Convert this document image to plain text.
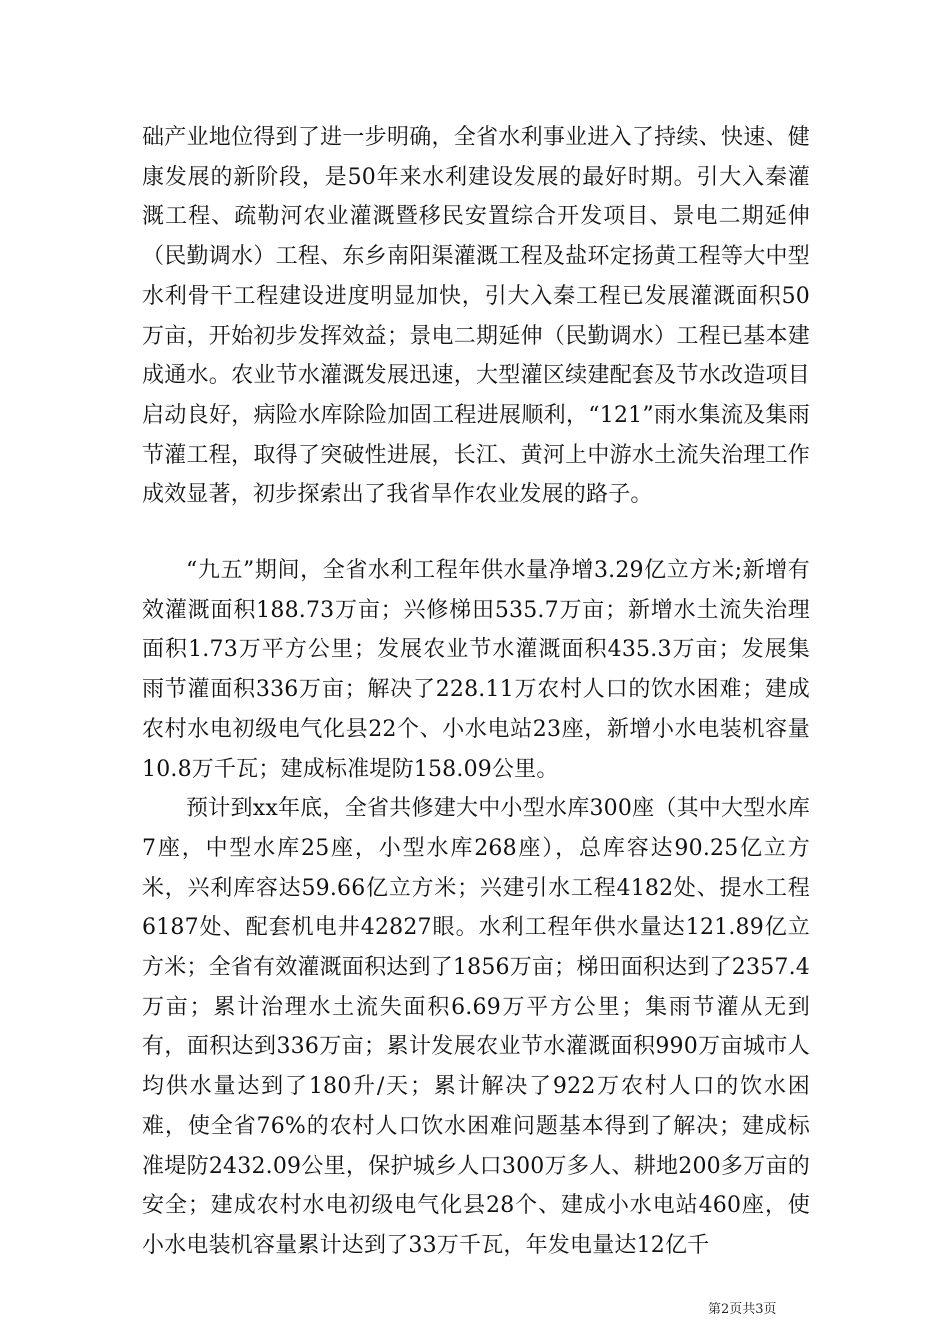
础产业地位得到了进一步明确，全省水利事业进入了持续、快速、健康发展的新阶段，是50年来水利建设发展的最好时期。引大入秦灌溉工程、疏勒河农业灌溉暨移民安置综合开发项目、景电二期延伸（民勤调水）工程、东乡南阳渠灌溉工程及盐环定扬黄工程等大中型水利骨干工程建设进度明显加快，引大入秦工程已发展灌溉面积50万亩，开始初步发挥效益；景电二期延伸（民勤调水）工程已基本建成通水。农业节水灌溉发展迅速，大型灌区续建配套及节水改造项目启动良好，病险水库除险加固工程进展顺利，“121”雨水集流及集雨节灌工程，取得了突破性进展，长江、黄河上中游水土流失治理工作成效显著，初步探索出了我省旱作农业发展的路子。

“九五”期间，全省水利工程年供水量净增3.29亿立方米;新增有效灌溉面积188.73万亩；兴修梯田535.7万亩；新增水土流失治理面积1.73万平方公里；发展农业节水灌溉面积435.3万亩；发展集雨节灌面积336万亩；解决了228.11万农村人口的饮水困难；建成农村水电初级电气化县22个、小水电站23座，新增小水电装机容量10.8万千瓦；建成标准堤防158.09公里。

预计到xx年底，全省共修建大中小型水库300座（其中大型水库7座，中型水库25座，小型水库268座），总库容达90.25亿立方米，兴利库容达59.66亿立方米；兴建引水工程4182处、提水工程6187处、配套机电井42827眼。水利工程年供水量达121.89亿立方米；全省有效灌溉面积达到了1856万亩；梯田面积达到了2357.4万亩；累计治理水土流失面积6.69万平方公里；集雨节灌从无到有，面积达到336万亩；累计发展农业节水灌溉面积990万亩城市人均供水量达到了180升/天；累计解决了922万农村人口的饮水困难，使全省76%的农村人口饮水困难问题基本得到了解决；建成标准堤防2432.09公里，保护城乡人口300万多人、耕地200多万亩的安全；建成农村水电初级电气化县28个、建成小水电站460座，使小水电装机容量累计达到了33万千瓦，年发电量达12亿千

第2页共3页
